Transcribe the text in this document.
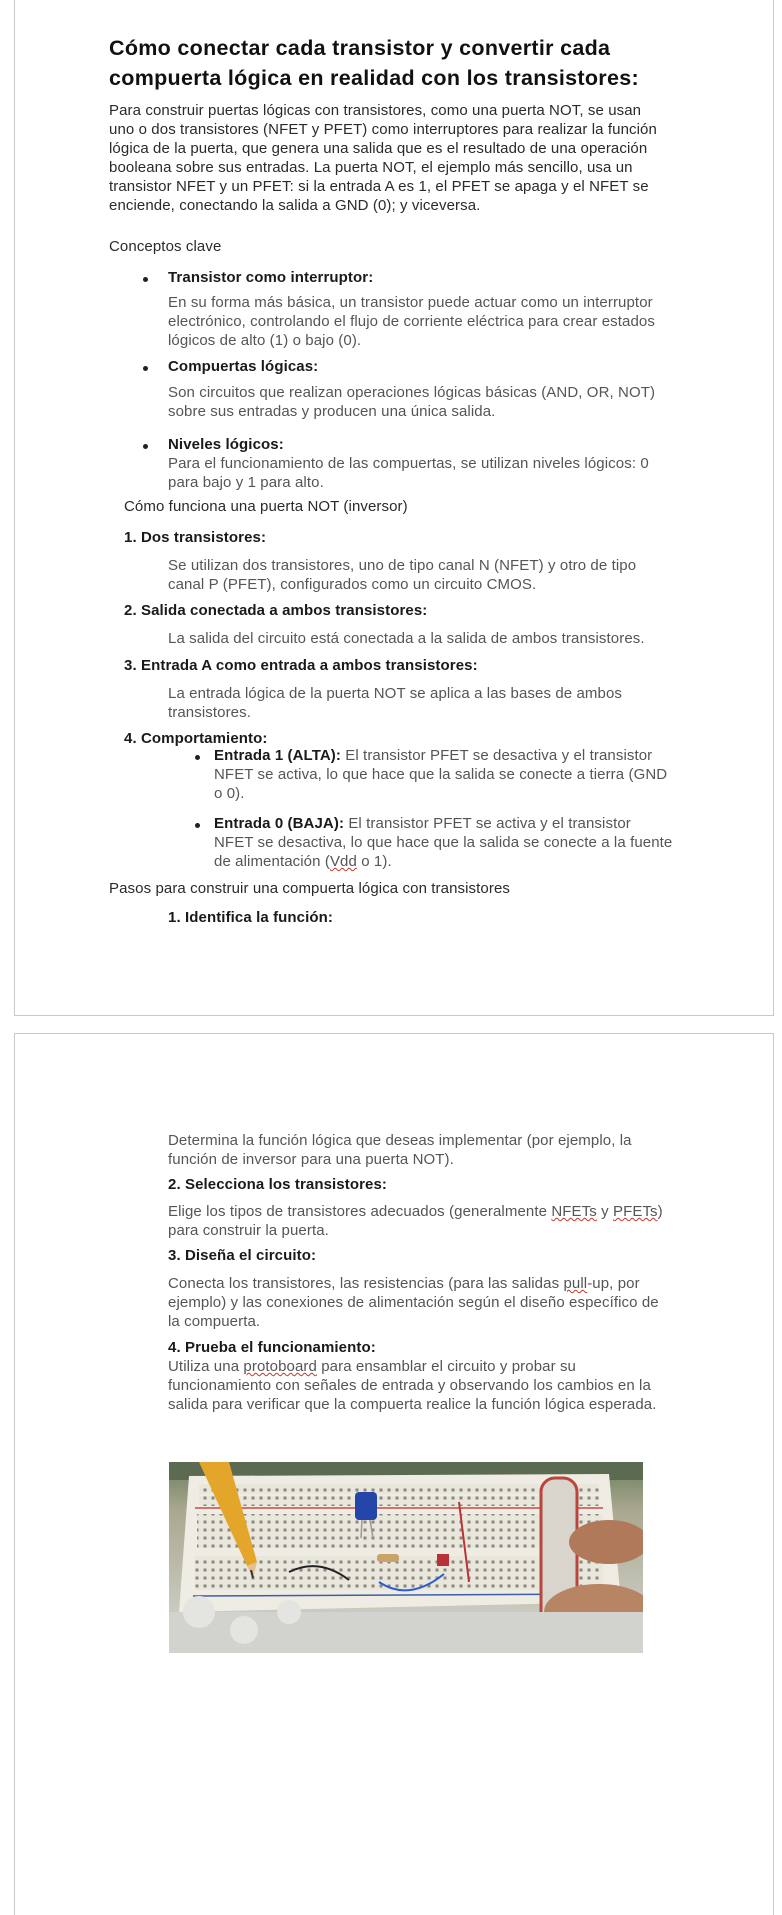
Cómo conectar cada transistor y convertir cada compuerta lógica en realidad con los transistores:
Para construir puertas lógicas con transistores, como una puerta NOT, se usan uno o dos transistores (NFET y PFET) como interruptores para realizar la función lógica de la puerta, que genera una salida que es el resultado de una operación booleana sobre sus entradas. La puerta NOT, el ejemplo más sencillo, usa un transistor NFET y un PFET: si la entrada A es 1, el PFET se apaga y el NFET se enciende, conectando la salida a GND (0); y viceversa.
Conceptos clave
Transistor como interruptor:
En su forma más básica, un transistor puede actuar como un interruptor electrónico, controlando el flujo de corriente eléctrica para crear estados lógicos de alto (1) o bajo (0).
Compuertas lógicas:
Son circuitos que realizan operaciones lógicas básicas (AND, OR, NOT) sobre sus entradas y producen una única salida.
Niveles lógicos:
Para el funcionamiento de las compuertas, se utilizan niveles lógicos: 0 para bajo y 1 para alto.
Cómo funciona una puerta NOT (inversor)
1. Dos transistores:
Se utilizan dos transistores, uno de tipo canal N (NFET) y otro de tipo canal P (PFET), configurados como un circuito CMOS.
2. Salida conectada a ambos transistores:
La salida del circuito está conectada a la salida de ambos transistores.
3. Entrada A como entrada a ambos transistores:
La entrada lógica de la puerta NOT se aplica a las bases de ambos transistores.
4. Comportamiento:
Entrada 1 (ALTA): El transistor PFET se desactiva y el transistor NFET se activa, lo que hace que la salida se conecte a tierra (GND o 0).
Entrada 0 (BAJA): El transistor PFET se activa y el transistor NFET se desactiva, lo que hace que la salida se conecte a la fuente de alimentación (Vdd o 1).
Pasos para construir una compuerta lógica con transistores
1. Identifica la función:
Determina la función lógica que deseas implementar (por ejemplo, la función de inversor para una puerta NOT).
2. Selecciona los transistores:
Elige los tipos de transistores adecuados (generalmente NFETs y PFETs) para construir la puerta.
3. Diseña el circuito:
Conecta los transistores, las resistencias (para las salidas pull-up, por ejemplo) y las conexiones de alimentación según el diseño específico de la compuerta.
4. Prueba el funcionamiento:
Utiliza una protoboard para ensamblar el circuito y probar su funcionamiento con señales de entrada y observando los cambios en la salida para verificar que la compuerta realice la función lógica esperada.
